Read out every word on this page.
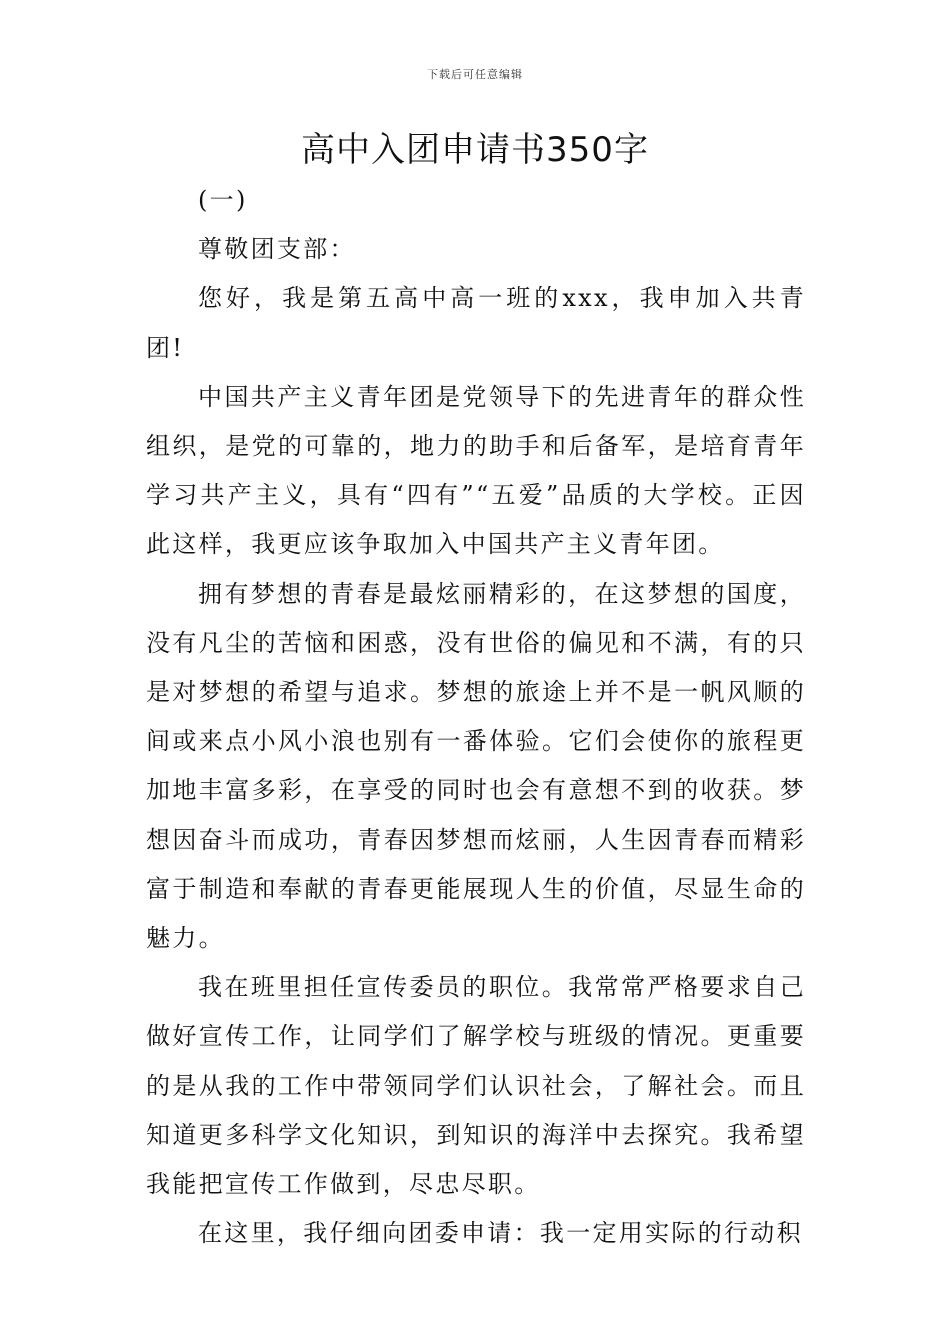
下载后可任意编辑
高中入团申请书350字

(一)

尊敬团支部：

您好，我是第五高中高一班的xxx，我申加入共青团!

中国共产主义青年团是党领导下的先进青年的群众性组织，是党的可靠的，地力的助手和后备军，是培育青年学习共产主义，具有“四有”“五爱”品质的大学校。正因此这样，我更应该争取加入中国共产主义青年团。

拥有梦想的青春是最炫丽精彩的，在这梦想的国度，没有凡尘的苦恼和困惑，没有世俗的偏见和不满，有的只是对梦想的希望与追求。梦想的旅途上并不是一帆风顺的间或来点小风小浪也别有一番体验。它们会使你的旅程更加地丰富多彩，在享受的同时也会有意想不到的收获。梦想因奋斗而成功，青春因梦想而炫丽，人生因青春而精彩富于制造和奉献的青春更能展现人生的价值，尽显生命的魅力。

我在班里担任宣传委员的职位。我常常严格要求自己做好宣传工作，让同学们了解学校与班级的情况。更重要的是从我的工作中带领同学们认识社会，了解社会。而且知道更多科学文化知识，到知识的海洋中去探究。我希望我能把宣传工作做到，尽忠尽职。

在这里，我仔细向团委申请：我一定用实际的行动积
